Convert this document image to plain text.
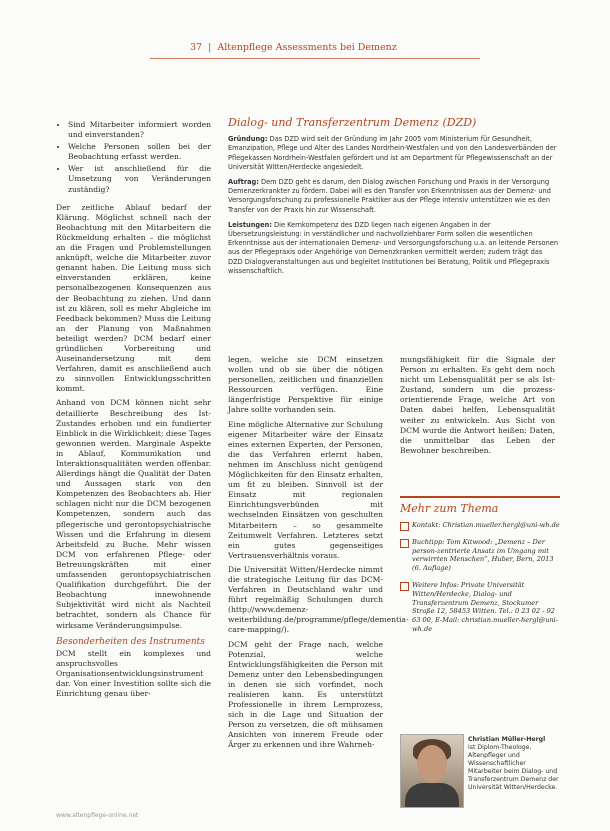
37  |  Altenpflege Assessments bei Demenz
• Sind Mitarbeiter informiert worden und einverstanden?
• Welche Personen sollen bei der Beobachtung erfasst werden.
• Wer ist anschließend für die Umsetzung von Veränderungen zuständig?

Der zeitliche Ablauf bedarf der Klärung. Möglichst schnell nach der Beobachtung mit den Mitarbeitern die Rückmeldung erhalten – die möglichst an die Fragen und Problemstellungen anknüpft, welche die Mitarbeiter zuvor genannt haben. Die Leitung muss sich einverstanden erklären, keine personalbezogenen Konsequenzen aus der Beobachtung zu ziehen. Und dann ist zu klären, soll es mehr Abgleiche im Feedback bekommen? Muss die Leitung an der Planung von Maßnahmen beteiligt werden? DCM bedarf einer gründlichen Vorbereitung und Auseinandersetzung mit dem Verfahren, damit es anschließend auch zu sinnvollen Entwicklungsschritten kommt.

Anhand von DCM können nicht sehr detaillierte Beschreibung des Ist-Zustandes erhoben und ein fundierter Einblick in die Wirklichkeit; diese Tages gewonnen werden. Marginale Aspekte in Ablauf, Kommunikation und Interaktionsqualitäten werden offenbar. Allerdings hängt die Qualität der Daten und Aussagen stark von den Kompetenzen des Beobachters ab. Hier schlagen nicht nur die DCM bezogenen Kompetenzen, sondern auch das pflegerische und gerontopsychiatrische Wissen und die Erfahrung in diesem Arbeitsfeld zu Buche. Mehr wissen DCM von erfahrenen Pflege- oder Betreuungskräften mit einer umfassenden gerontopsychiatrischen Qualifikation durchgeführt. Die der Beobachtung innewohnende Subjektivität wird nicht als Nachteil betrachtet, sondern als Chance für wirksame Veränderungsimpulse.

Besonderheiten des Instruments

DCM stellt ein komplexes und anspruchsvolles Organisationsentwicklungsinstrument dar. Von einer Investition sollte sich die Einrichtung genau über-

Dialog- und Transferzentrum Demenz (DZD)

Gründung: Das DZD wird seit der Gründung im Jahr 2005 vom Ministerium für Gesundheit, Emanzipation, Pflege und Alter des Landes Nordrhein-Westfalen und von den Landesverbänden der Pflegekassen Nordrhein-Westfalen gefördert und ist am Department für Pflegewissenschaft an der Universität Witten/Herdecke angesiedelt.

Auftrag: Dem DZD geht es darum, den Dialog zwischen Forschung und Praxis in der Versorgung Demenzerkrankter zu fördern. Dabei will es den Transfer von Erkenntnissen aus der Demenz- und Versorgungsforschung zu professionelle Praktiker aus der Pflege intensiv unterstützen wie es den Transfer von der Praxis hin zur Wissenschaft.

Leistungen: Die Kernkompetenz des DZD liegen nach eigenen Angaben in der Übersetzungsleistung: in verständlicher und nachvollziehbarer Form sollen die wesentlichen Erkenntnisse aus der internationalen Demenz- und Versorgungsforschung u.a. an leitende Personen aus der Pflegepraxis oder Angehörige von Demenzkranken vermittelt werden; zudem trägt das DZD Dialogveranstaltungen aus und begleitet Institutionen bei Beratung, Politik und Pflegepraxis wissenschaftlich.

legen, welche sie DCM einsetzen wollen und ob sie über die nötigen personellen, zeitlichen und finanziellen Ressourcen verfügen. Eine längerfristige Perspektive für einige Jahre sollte vorhanden sein.

Eine mögliche Alternative zur Schulung eigener Mitarbeiter wäre der Einsatz eines externen Experten, der Personen, die das Verfahren erlernt haben, nehmen im Anschluss nicht genügend Möglichkeiten für den Einsatz erhalten, um fit zu bleiben. Sinnvoll ist der Einsatz mit regionalen Einrichtungsverbünden mit wechselnden Einsätzen von geschulten Mitarbeitern – so gesammelte Zeitumwelt Verfahren. Letzteres setzt ein gutes gegenseitiges Vertrauensverhältnis voraus.

Die Universität Witten/Herdecke nimmt die strategische Leitung für das DCM-Verfahren in Deutschland wahr und führt regelmäßig Schulungen durch (http://www.demenz-weiterbildung.de/programme/pflege/dementia-care-mapping/).

DCM geht der Frage nach, welche Potenzial, welche Entwicklungsfähigkeiten die Person mit Demenz unter den Lebensbedingungen in denen sie sich vorfindet, noch realisieren kann. Es unterstützt Professionelle in ihrem Lernprozess, sich in die Lage und Situation der Person zu versetzen, die oft mühsamen Ansichten von innerem Freude oder Ärger zu erkennen und ihre Wahrneh-

mungsfähigkeit für die Signale der Person zu erhalten. Es geht dem noch nicht um Lebensqualität per se als Ist-Zustand, sondern um die prozess-orientierende Frage, welche Art von Daten dabei helfen, Lebensqualität weiter zu entwickeln. Aus Sicht von DCM wurde die Antwort heißen: Daten, die unmittelbar das Leben der Bewohner beschreiben.

Mehr zum Thema
Kontakt: Christian.mueller.hergl@uni-wh.de
Buchtipp: Tom Kitwood: „Demenz – Der person-zentrierte Ansatz im Umgang mit verwirrten Menschen“, Huber, Bern, 2013 (6. Auflage)
Weitere Infos: Private Universität Witten/Herdecke, Dialog- und Transferzentrum Demenz, Stockumer Straße 12, 58453 Witten. Tel.: 0 23 02 - 92 63 00, E-Mail: christian.mueller-hergl@uni-wh.de
Christian Müller-Hergl
ist Diplom-Theologe, Altenpfleger und Wissenschaftlicher Mitarbeiter beim Dialog- und Transferzentrum Demenz der Universität Witten/Herdecke.
www.altenpflege-online.net
